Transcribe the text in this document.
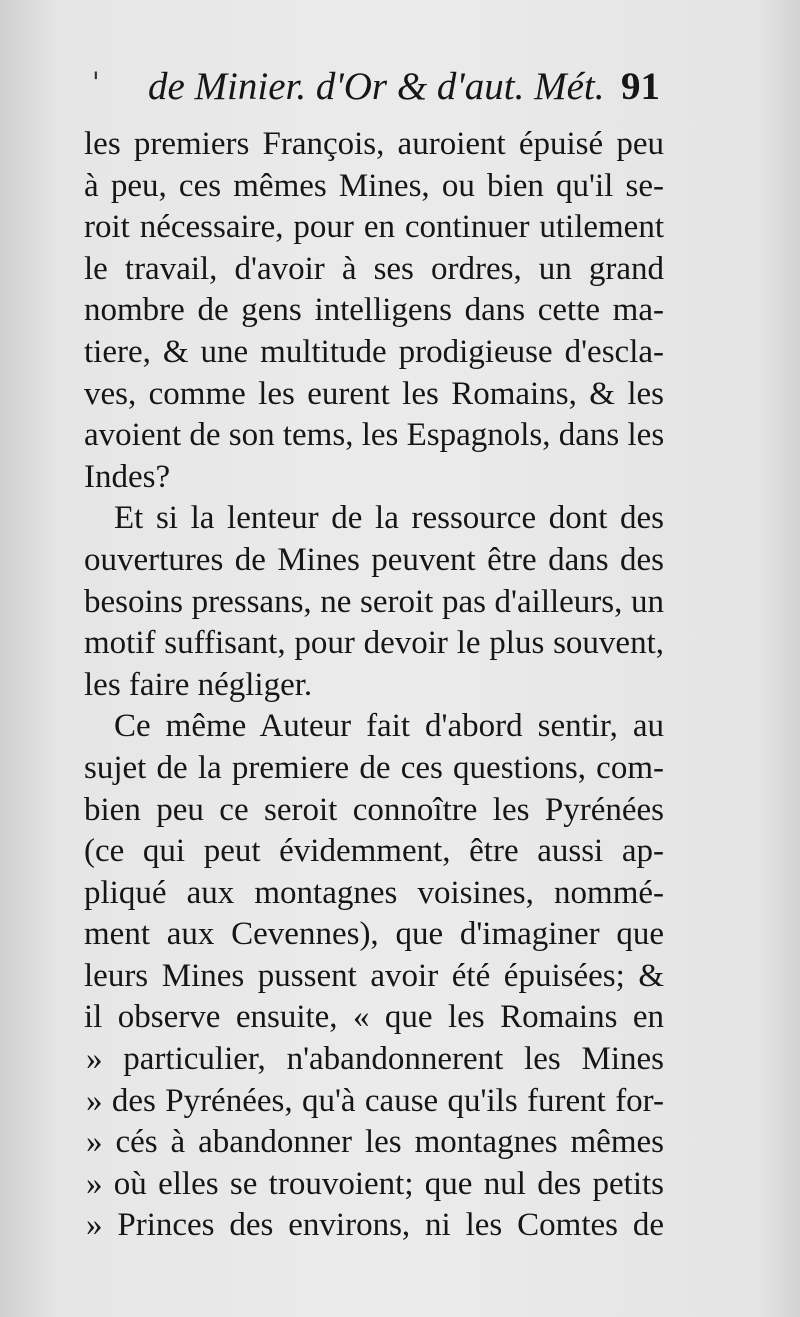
' de Minier. d'Or & d'aut. Mét. 91
les premiers François, auroient épuisé peu
à peu, ces mêmes Mines, ou bien qu'il se-
roit nécessaire, pour en continuer utilement
le travail, d'avoir à ses ordres, un grand
nombre de gens intelligens dans cette ma-
tiere, & une multitude prodigieuse d'escla-
ves, comme les eurent les Romains, & les
avoient de son tems, les Espagnols, dans les
Indes?
Et si la lenteur de la ressource dont des
ouvertures de Mines peuvent être dans des
besoins pressans, ne seroit pas d'ailleurs, un
motif suffisant, pour devoir le plus souvent,
les faire négliger.
Ce même Auteur fait d'abord sentir, au
sujet de la premiere de ces questions, com-
bien peu ce seroit connoître les Pyrénées
(ce qui peut évidemment, être aussi ap-
pliqué aux montagnes voisines, nommé-
ment aux Cevennes), que d'imaginer que
leurs Mines pussent avoir été épuisées; &
il observe ensuite, « que les Romains en
» particulier, n'abandonnerent les Mines
» des Pyrénées, qu'à cause qu'ils furent for-
» cés à abandonner les montagnes mêmes
» où elles se trouvoient; que nul des petits
» Princes des environs, ni les Comtes de
